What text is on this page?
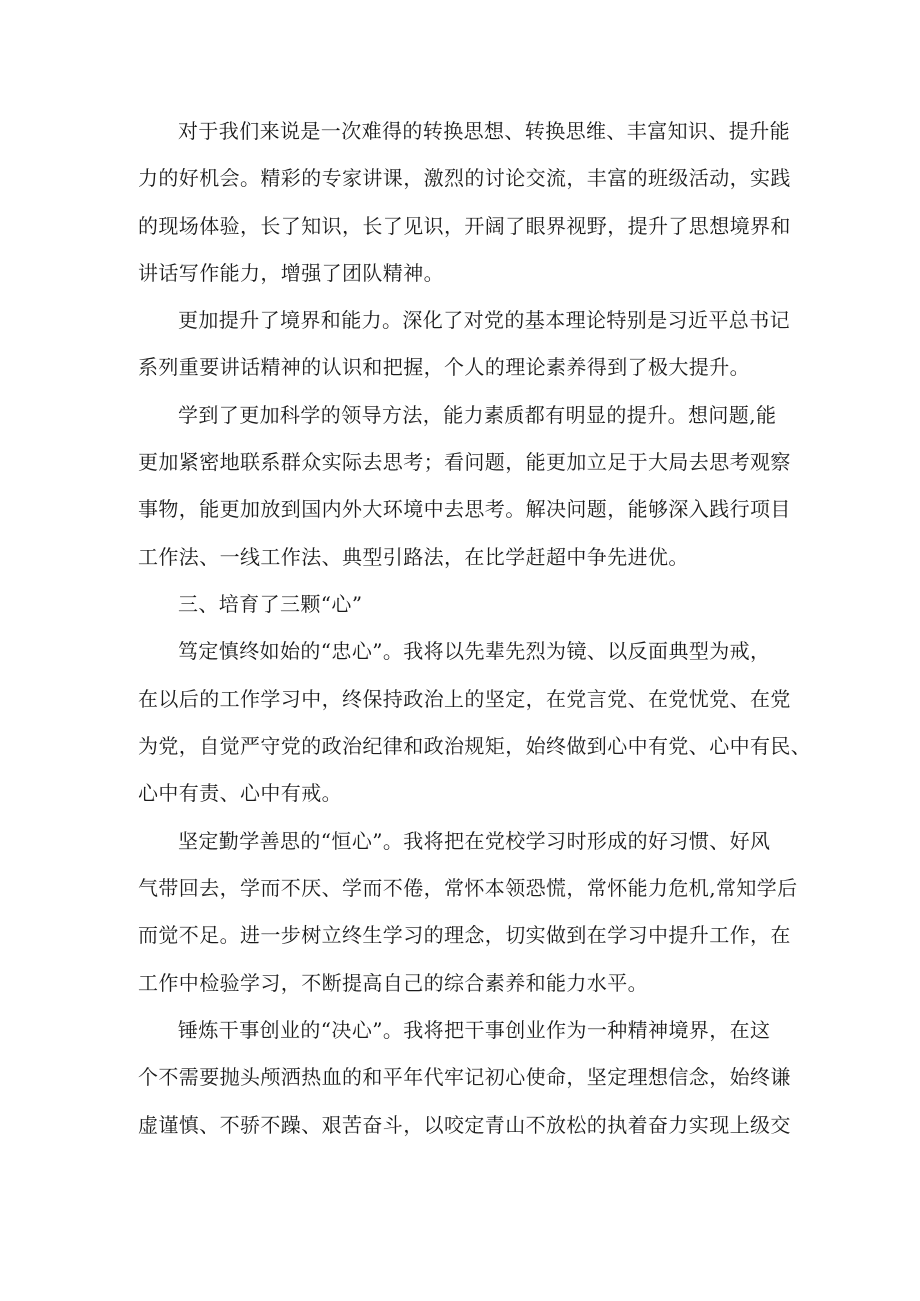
对于我们来说是一次难得的转换思想、转换思维、丰富知识、提升能
力的好机会。精彩的专家讲课，激烈的讨论交流，丰富的班级活动，实践
的现场体验，长了知识，长了见识，开阔了眼界视野，提升了思想境界和
讲话写作能力，增强了团队精神。
更加提升了境界和能力。深化了对党的基本理论特别是习近平总书记
系列重要讲话精神的认识和把握，个人的理论素养得到了极大提升。
学到了更加科学的领导方法，能力素质都有明显的提升。想问题,能
更加紧密地联系群众实际去思考；看问题，能更加立足于大局去思考观察
事物，能更加放到国内外大环境中去思考。解决问题，能够深入践行项目
工作法、一线工作法、典型引路法，在比学赶超中争先进优。
三、培育了三颗“心”
笃定慎终如始的“忠心”。我将以先辈先烈为镜、以反面典型为戒，
在以后的工作学习中，终保持政治上的坚定，在党言党、在党忧党、在党
为党，自觉严守党的政治纪律和政治规矩，始终做到心中有党、心中有民、
心中有责、心中有戒。
坚定勤学善思的“恒心”。我将把在党校学习时形成的好习惯、好风
气带回去，学而不厌、学而不倦，常怀本领恐慌，常怀能力危机,常知学后
而觉不足。进一步树立终生学习的理念，切实做到在学习中提升工作，在
工作中检验学习，不断提高自己的综合素养和能力水平。
锤炼干事创业的“决心”。我将把干事创业作为一种精神境界，在这
个不需要抛头颅洒热血的和平年代牢记初心使命，坚定理想信念，始终谦
虚谨慎、不骄不躁、艰苦奋斗，以咬定青山不放松的执着奋力实现上级交
